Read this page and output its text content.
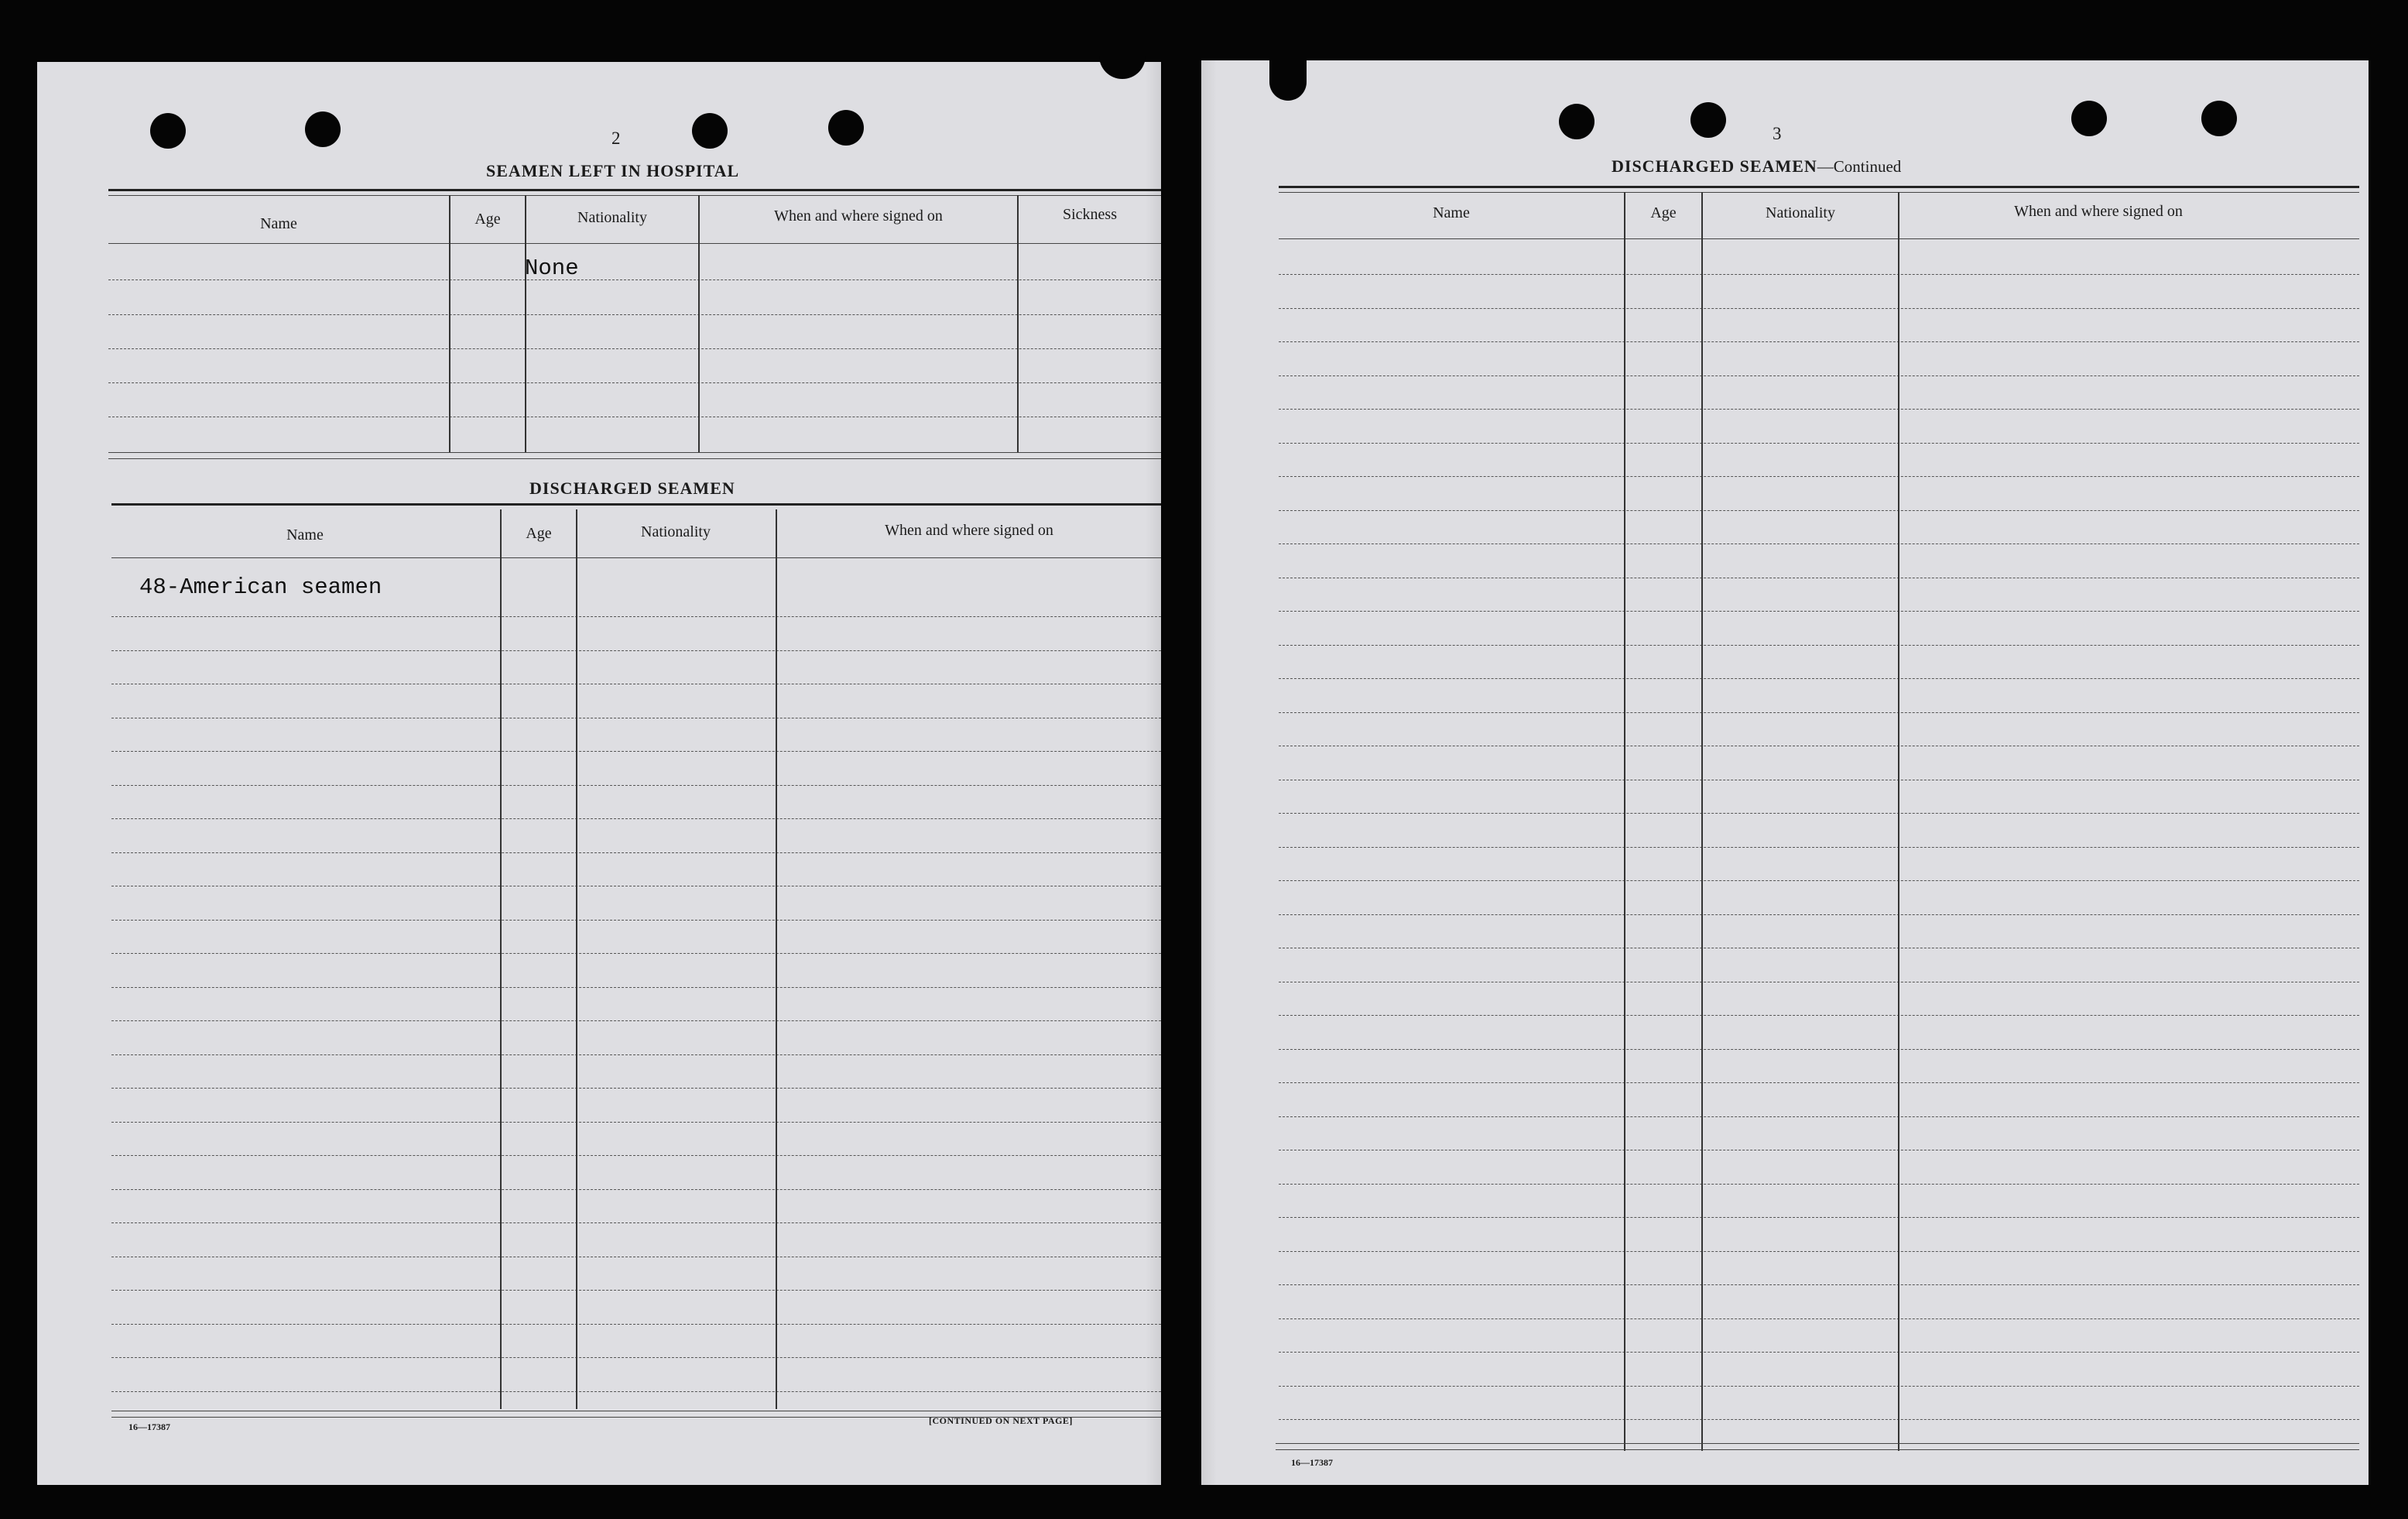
2
SEAMEN LEFT IN HOSPITAL
Name	Age	Nationality	When and where signed on	Sickness
None
DISCHARGED SEAMEN
Name	Age	Nationality	When and where signed on
48-American seamen
16—17387
[CONTINUED ON NEXT PAGE]
3
DISCHARGED SEAMEN—Continued
Name	Age	Nationality	When and where signed on
16—17387
